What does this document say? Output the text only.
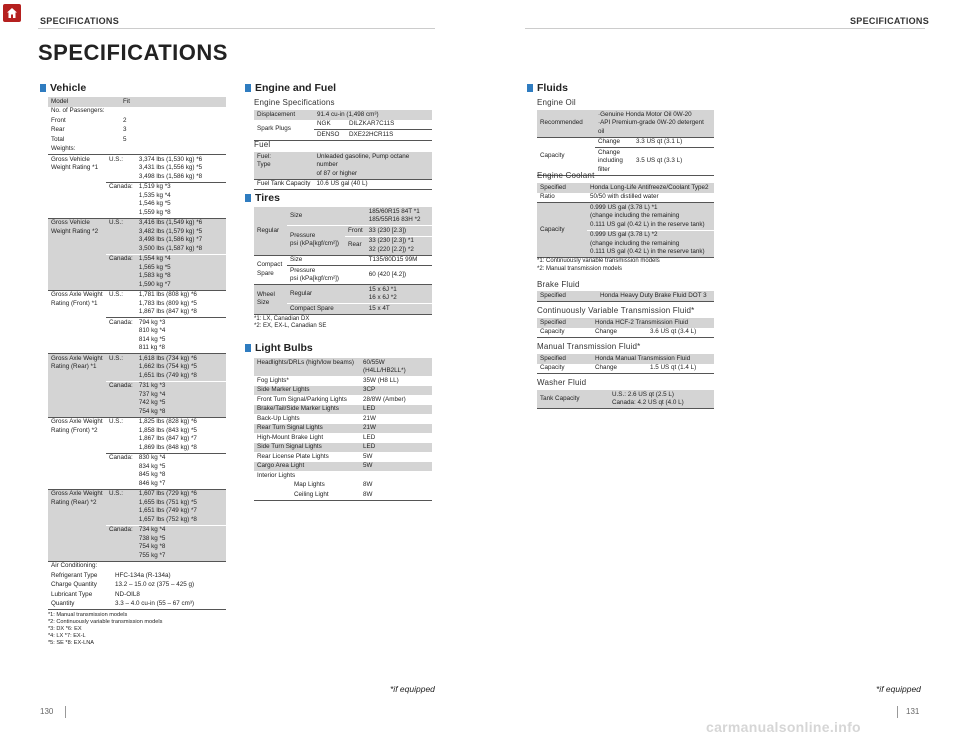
SPECIFICATIONS	SPECIFICATIONS
SPECIFICATIONS
Vehicle
Model	Fit
No. of Passengers:	
Front	2
Rear	3
Total	5
Weights:		
Gross Vehicle
Weight Rating *1	U.S.:	3,374 lbs (1,530 kg) *6
3,431 lbs (1,556 kg) *5
3,498 lbs (1,586 kg) *8
	Canada:	1,519 kg *3
1,535 kg *4
1,546 kg *5
1,559 kg *8
Gross Vehicle
Weight Rating *2	U.S.:	3,416 lbs (1,549 kg) *6
3,482 lbs (1,579 kg) *5
3,498 lbs (1,586 kg) *7
3,500 lbs (1,587 kg) *8
	Canada:	1,554 kg *4
1,565 kg *5
1,583 kg *8
1,590 kg *7
Gross Axle Weight
Rating (Front) *1	U.S.:	1,781 lbs (808 kg) *6
1,783 lbs (809 kg) *5
1,867 lbs (847 kg) *8
	Canada:	794 kg *3
810 kg *4
814 kg *5
811 kg *8
Gross Axle Weight
Rating (Rear) *1	U.S.:	1,618 lbs (734 kg) *6
1,662 lbs (754 kg) *5
1,651 lbs (749 kg) *8
	Canada:	731 kg *3
737 kg *4
742 kg *5
754 kg *8
Gross Axle Weight
Rating (Front) *2	U.S.:	1,825 lbs (828 kg) *6
1,858 lbs (843 kg) *5
1,867 lbs (847 kg) *7
1,869 lbs (848 kg) *8
	Canada:	830 kg *4
834 kg *5
845 kg *8
846 kg *7
Gross Axle Weight
Rating (Rear) *2	U.S.:	1,607 lbs (729 kg) *6
1,655 lbs (751 kg) *5
1,651 lbs (749 kg) *7
1,657 lbs (752 kg) *8
	Canada:	734 kg *4
738 kg *5
754 kg *8
755 kg *7
Air Conditioning:	
Refrigerant Type	HFC-134a (R-134a)
Charge Quantity	13.2 – 15.0 oz (375 – 425 g)
Lubricant Type	ND-OIL8
Quantity	3.3 – 4.0 cu-in (55 – 67 cm³)
*1: Manual transmission models
*2: Continuously variable transmission models
*3: DX *6: EX
*4: LX *7: EX-L
*5: SE *8: EX-LNA
Engine and Fuel
Engine Specifications
Displacement	91.4 cu-in (1,498 cm³)	
Spark Plugs	NGK	DILZKAR7C11S
	DENSO	DXE22HCR11S
Fuel
Fuel:
Type	Unleaded gasoline, Pump octane number
of 87 or higher
Fuel Tank Capacity	10.6 US gal (40 L)
Tires
Regular	Size		185/60R15 84T *1
185/55R16 83H *2
	Pressure
psi (kPa[kgf/cm²])	Front	33 (230 [2.3])
		Rear	33 (230 [2.3]) *1
32 (220 [2.2]) *2
Compact
Spare	Size		T135/80D15 99M
	Pressure
psi (kPa[kgf/cm²])		60 (420 [4.2])
Wheel Size	Regular		15 x 6J *1
16 x 6J *2
	Compact Spare		15 x 4T
*1: LX, Canadian DX
*2: EX, EX-L, Canadian SE
Light Bulbs
Headlights/DRLs (high/low beams)	60/55W (H4LL/HB2LL*)
Fog Lights*	35W (H8 LL)
Side Marker Lights	3CP
Front Turn Signal/Parking Lights	28/8W (Amber)
Brake/Tail/Side Marker Lights	LED
Back-Up Lights	21W
Rear Turn Signal Lights	21W
High-Mount Brake Light	LED
Side Turn Signal Lights	LED
Rear License Plate Lights	5W
Cargo Area Light	5W
Interior Lights	
Map Lights	8W
Ceiling Light	8W
Fluids
Engine Oil
Recommended	·Genuine Honda Motor Oil 0W-20
·API Premium-grade 0W-20 detergent oil	
Capacity	Change	3.3 US qt (3.1 L)
	Change
including
filter	3.5 US qt (3.3 L)
Engine Coolant
Specified	Honda Long-Life Antifreeze/Coolant Type2
Ratio	50/50 with distilled water
Capacity	0.999 US gal (3.78 L) *1
(change including the remaining
0.111 US gal (0.42 L) in the reserve tank)
	0.999 US gal (3.78 L) *2
(change including the remaining
0.111 US gal (0.42 L) in the reserve tank)
*1: Continuously variable transmission models
*2: Manual transmission models
Brake Fluid
Specified	Honda Heavy Duty Brake Fluid DOT 3
Continuously Variable Transmission Fluid*
Specified	Honda HCF-2 Transmission Fluid	
Capacity	Change	3.6 US qt (3.4 L)
Manual Transmission Fluid*
Specified	Honda Manual Transmission Fluid	
Capacity	Change	1.5 US qt (1.4 L)
Washer Fluid
Tank Capacity	U.S.: 2.6 US qt (2.5 L)
Canada: 4.2 US qt (4.0 L)
*if equipped	*if equipped
130	131
carmanualsonline.info
